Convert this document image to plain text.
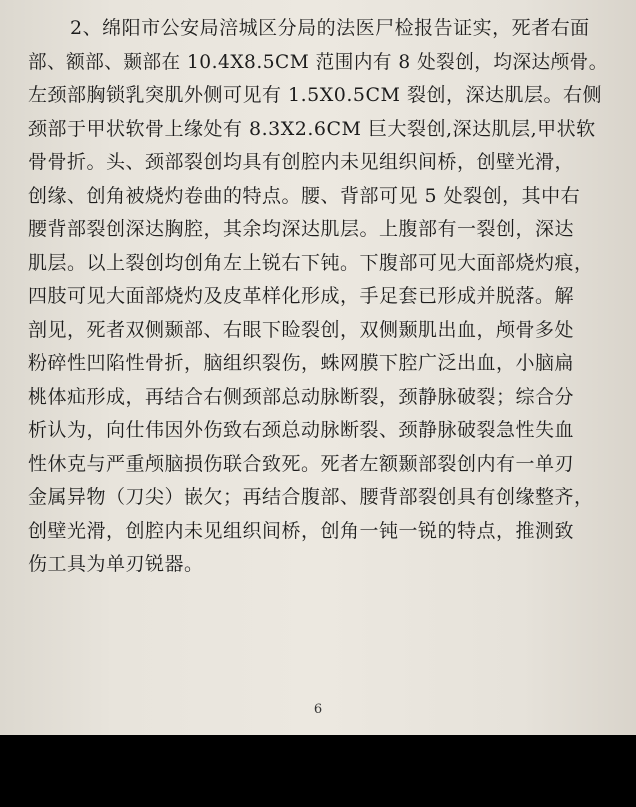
2、绵阳市公安局涪城区分局的法医尸检报告证实，死者右面
部、额部、颞部在 10.4X8.5CM 范围内有 8 处裂创，均深达颅骨。
左颈部胸锁乳突肌外侧可见有 1.5X0.5CM 裂创，深达肌层。右侧
颈部于甲状软骨上缘处有 8.3X2.6CM 巨大裂创,深达肌层,甲状软
骨骨折。头、颈部裂创均具有创腔内未见组织间桥，创壁光滑，
创缘、创角被烧灼卷曲的特点。腰、背部可见 5 处裂创，其中右
腰背部裂创深达胸腔，其余均深达肌层。上腹部有一裂创，深达
肌层。以上裂创均创角左上锐右下钝。下腹部可见大面部烧灼痕，
四肢可见大面部烧灼及皮革样化形成，手足套已形成并脱落。解
剖见，死者双侧颞部、右眼下睑裂创，双侧颞肌出血，颅骨多处
粉碎性凹陷性骨折，脑组织裂伤，蛛网膜下腔广泛出血，小脑扁
桃体疝形成，再结合右侧颈部总动脉断裂，颈静脉破裂；综合分
析认为，向仕伟因外伤致右颈总动脉断裂、颈静脉破裂急性失血
性休克与严重颅脑损伤联合致死。死者左额颞部裂创内有一单刃
金属异物（刀尖）嵌欠；再结合腹部、腰背部裂创具有创缘整齐，
创壁光滑，创腔内未见组织间桥，创角一钝一锐的特点，推测致
伤工具为单刃锐器。
6
